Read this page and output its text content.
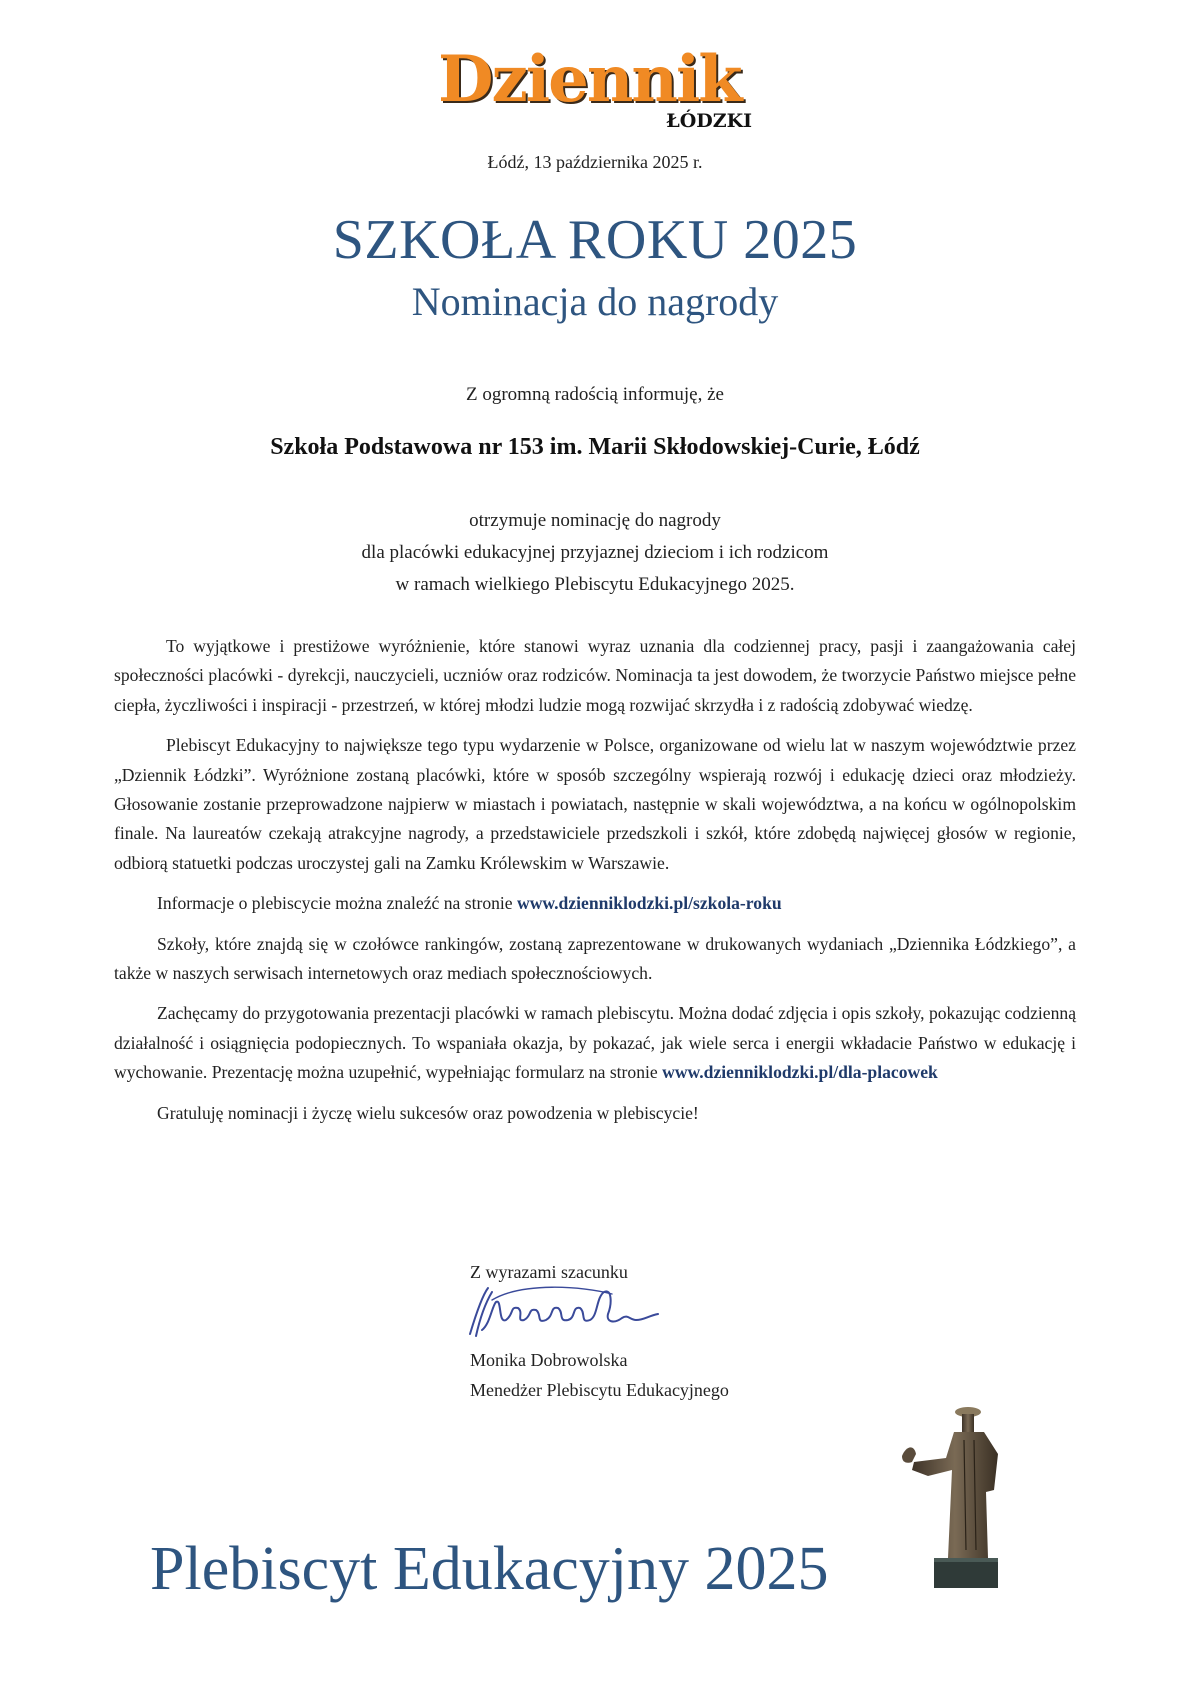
Dziennik
ŁÓDZKI
Łódź, 13 października 2025 r.
SZKOŁA ROKU 2025
Nominacja do nagrody
Z ogromną radością informuję, że
Szkoła Podstawowa nr 153 im. Marii Skłodowskiej-Curie, Łódź
otrzymuje nominację do nagrody
dla placówki edukacyjnej przyjaznej dzieciom i ich rodzicom
w ramach wielkiego Plebiscytu Edukacyjnego 2025.

To wyjątkowe i prestiżowe wyróżnienie, które stanowi wyraz uznania dla codziennej pracy, pasji i zaangażowania całej społeczności placówki - dyrekcji, nauczycieli, uczniów oraz rodziców. Nominacja ta jest dowodem, że tworzycie Państwo miejsce pełne ciepła, życzliwości i inspiracji - przestrzeń, w której młodzi ludzie mogą rozwijać skrzydła i z radością zdobywać wiedzę.

Plebiscyt Edukacyjny to największe tego typu wydarzenie w Polsce, organizowane od wielu lat w naszym województwie przez „Dziennik Łódzki”. Wyróżnione zostaną placówki, które w sposób szczególny wspierają rozwój i edukację dzieci oraz młodzieży. Głosowanie zostanie przeprowadzone najpierw w miastach i powiatach, następnie w skali województwa, a na końcu w ogólnopolskim finale. Na laureatów czekają atrakcyjne nagrody, a przedstawiciele przedszkoli i szkół, które zdobędą najwięcej głosów w regionie, odbiorą statuetki podczas uroczystej gali na Zamku Królewskim w Warszawie.

Informacje o plebiscycie można znaleźć na stronie www.dzienniklodzki.pl/szkola-roku

Szkoły, które znajdą się w czołówce rankingów, zostaną zaprezentowane w drukowanych wydaniach „Dziennika Łódzkiego”, a także w naszych serwisach internetowych oraz mediach społecznościowych.

Zachęcamy do przygotowania prezentacji placówki w ramach plebiscytu. Można dodać zdjęcia i opis szkoły, pokazując codzienną działalność i osiągnięcia podopiecznych. To wspaniała okazja, by pokazać, jak wiele serca i energii wkładacie Państwo w edukację i wychowanie. Prezentację można uzupełnić, wypełniając formularz na stronie www.dzienniklodzki.pl/dla-placowek

Gratuluję nominacji i życzę wielu sukcesów oraz powodzenia w plebiscycie!

Z wyrazami szacunku
Monika Dobrowolska
Menedżer Plebiscytu Edukacyjnego
Plebiscyt Edukacyjny 2025
